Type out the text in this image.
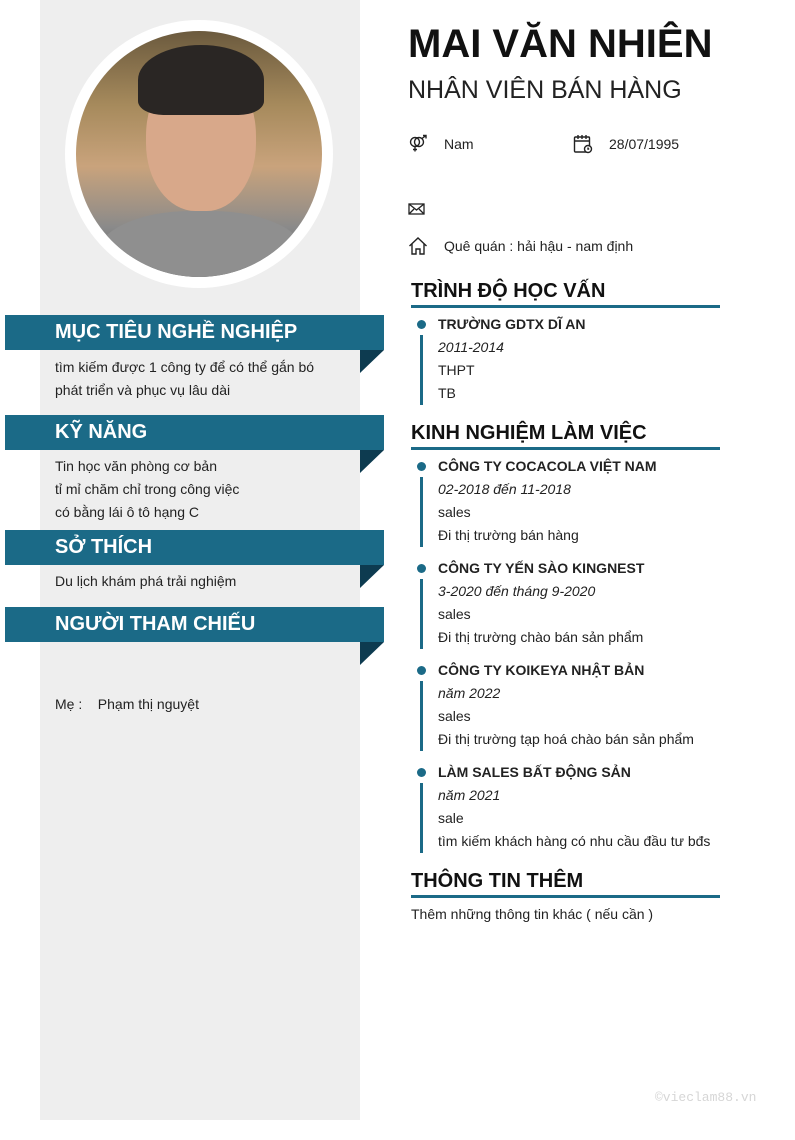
MỤC TIÊU NGHỀ NGHIỆP
tìm kiếm được 1 công ty để có thể gắn bó
phát triển và phục vụ lâu dài
KỸ NĂNG
Tin học văn phòng cơ bản
tỉ mỉ chăm chỉ trong công việc
có bằng lái ô tô hạng C
SỞ THÍCH
Du lịch khám phá trải nghiệm
NGƯỜI THAM CHIẾU

Mẹ :    Phạm thị nguyệt

MAI VĂN NHIÊN
NHÂN VIÊN BÁN HÀNG
Nam	28/07/1995
Quê quán : hải hậu - nam định
TRÌNH ĐỘ HỌC VẤN
TRƯỜNG GDTX DĨ AN
2011-2014
THPT
TB
KINH NGHIỆM LÀM VIỆC
CÔNG TY COCACOLA VIỆT NAM
02-2018 đến 11-2018
sales
Đi thị trường bán hàng
CÔNG TY YẾN SÀO KINGNEST
3-2020 đến tháng 9-2020
sales
Đi thị trường chào bán sản phẩm
CÔNG TY KOIKEYA NHẬT BẢN
năm 2022
sales
Đi thị trường tạp hoá chào bán sản phẩm
LÀM SALES BẤT ĐỘNG SẢN
năm 2021
sale
tìm kiếm khách hàng có nhu cầu đầu tư bđs
THÔNG TIN THÊM
Thêm những thông tin khác ( nếu cần )
©vieclam88.vn
